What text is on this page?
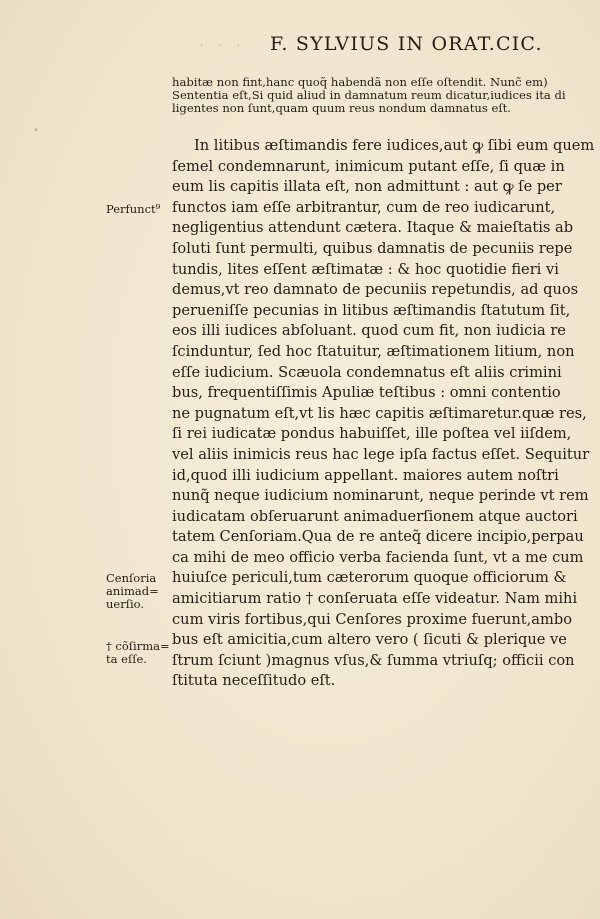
. . . F. SYLVIUS IN ORAT.CIC.
habitæ non fint,hanc quoq̃ habendã non eſſe oſtendit. Nunc̃ em)
Sententia eſt,Si quid aliud in damnatum reum dicatur,iudices ita di
ligentes non ſunt,quam quum reus nondum damnatus eſt.
ʼ
In litibus æſtimandis fere iudices,aut ꝙ ſibi eum quem
ſemel condemnarunt, inimicum putant eſſe, ſi quæ in
eum lis capitis illata eſt, non admittunt : aut ꝙ ſe per
functos iam eſſe arbitrantur, cum de reo iudicarunt,
negligentius attendunt cætera. Itaque & maieſtatis ab
ſoluti ſunt permulti, quibus damnatis de pecuniis repe
tundis, lites eſſent æſtimatæ : & hoc quotidie fieri vi
demus,vt reo damnato de pecuniis repetundis, ad quos
perueniſſe pecunias in litibus æſtimandis ſtatutum ſit,
eos illi iudices abſoluant. quod cum fit, non iudicia re
ſcinduntur, ſed hoc ſtatuitur, æſtimationem litium, non
eſſe iudicium. Scæuola condemnatus eſt aliis crimini
bus, frequentiſſimis Apuliæ teſtibus : omni contentio
ne pugnatum eſt,vt lis hæc capitis æſtimaretur.quæ res,
ſi rei iudicatæ pondus habuiſſet, ille poſtea vel iiſdem,
vel aliis inimicis reus hac lege ipſa factus eſſet. Sequitur
id,quod illi iudicium appellant. maiores autem noſtri
nunq̃ neque iudicium nominarunt, neque perinde vt rem
iudicatam obſeruarunt animaduerſionem atque auctori
tatem Cenſoriam.Qua de re anteq̃ dicere incipio,perpau
ca mihi de meo officio verba facienda ſunt, vt a me cum
huiuſce periculi,tum cæterorum quoque officiorum &
amicitiarum ratio † conſeruata eſſe videatur. Nam mihi
cum viris fortibus,qui Cenſores proxime fuerunt,ambo
bus eſt amicitia,cum altero vero ( ſicuti & plerique ve
ſtrum ſciunt )magnus vſus,& ſumma vtriuſq; officii con
ſtituta neceſſitudo eſt.
Perfunct⁹
Cenſoria
animad=
uerſio.
† cõſirma=
ta eſſe.
